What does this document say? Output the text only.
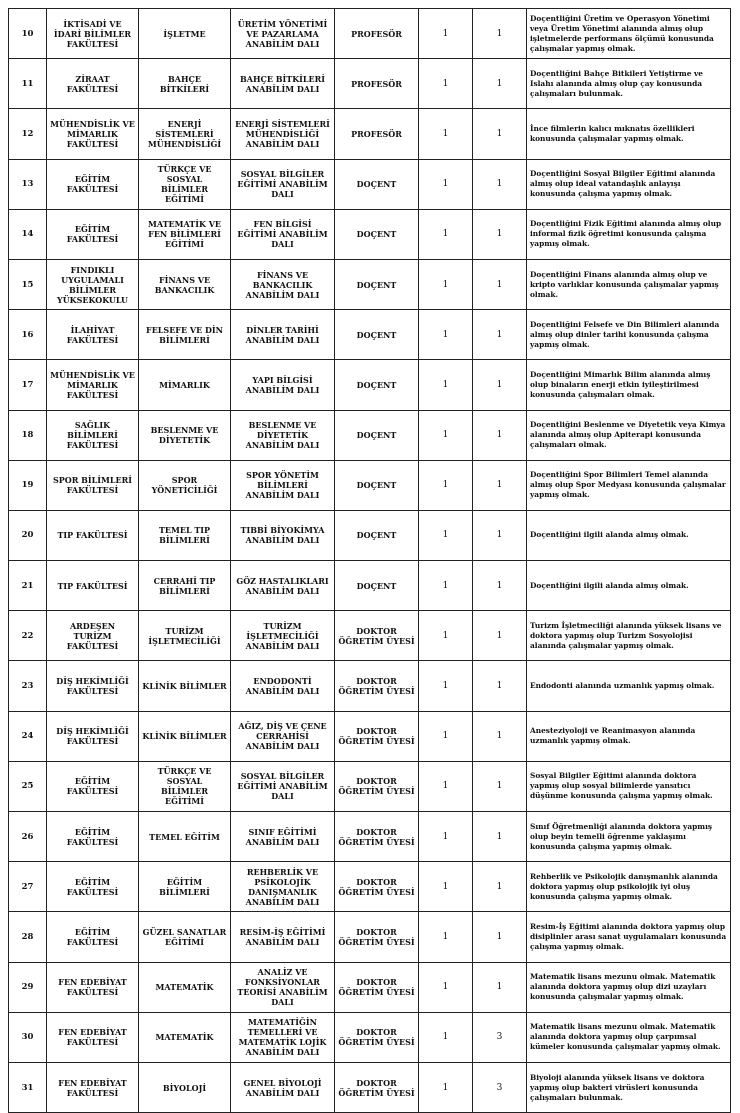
10	İKTİSADİ VE İDARİ BİLİMLER FAKÜLTESİ	İŞLETME	ÜRETİM YÖNETİMİ VE PAZARLAMA ANABİLİM DALI	PROFESÖR	1	1	Doçentliğini Üretim ve Operasyon Yönetimi veya Üretim Yönetimi alanında almış olup işletmelerde performans ölçümü konusunda çalışmalar yapmış olmak.
11	ZİRAAT FAKÜLTESİ	BAHÇE BİTKİLERİ	BAHÇE BİTKİLERİ ANABİLİM DALI	PROFESÖR	1	1	Doçentliğini Bahçe Bitkileri Yetiştirme ve Islahı alanında almış olup çay konusunda çalışmaları bulunmak.
12	MÜHENDİSLİK VE MİMARLIK FAKÜLTESİ	ENERJİ SİSTEMLERİ MÜHENDİSLİĞİ	ENERJİ SİSTEMLERİ MÜHENDİSLİĞİ ANABİLİM DALI	PROFESÖR	1	1	İnce filmlerin kalıcı mıknatıs özellikleri konusunda çalışmalar yapmış olmak.
13	EĞİTİM FAKÜLTESİ	TÜRKÇE VE SOSYAL BİLİMLER EĞİTİMİ	SOSYAL BİLGİLER EĞİTİMİ ANABİLİM DALI	DOÇENT	1	1	Doçentliğini Sosyal Bilgiler Eğitimi alanında almış olup ideal vatandaşlık anlayışı konusunda çalışma yapmış olmak.
14	EĞİTİM FAKÜLTESİ	MATEMATİK VE FEN BİLİMLERİ EĞİTİMİ	FEN BİLGİSİ EĞİTİMİ ANABİLİM DALI	DOÇENT	1	1	Doçentliğini Fizik Eğitimi alanında almış olup informal fizik öğretimi konusunda çalışma yapmış olmak.
15	FINDIKLI UYGULAMALI BİLİMLER YÜKSEKOKULU	FİNANS VE BANKACILIK	FİNANS VE BANKACILIK ANABİLİM DALI	DOÇENT	1	1	Doçentliğini Finans alanında almış olup ve kripto varlıklar konusunda çalışmalar yapmış olmak.
16	İLAHİYAT FAKÜLTESİ	FELSEFE VE DİN BİLİMLERİ	DİNLER TARİHİ ANABİLİM DALI	DOÇENT	1	1	Doçentliğini Felsefe ve Din Bilimleri alanında almış olup dinler tarihi konusunda çalışma yapmış olmak.
17	MÜHENDİSLİK VE MİMARLIK FAKÜLTESİ	MİMARLIK	YAPI BİLGİSİ ANABİLİM DALI	DOÇENT	1	1	Doçentliğini Mimarlık Bilim alanında almış olup binaların enerji etkin iyileştirilmesi konusunda çalışmaları olmak.
18	SAĞLIK BİLİMLERİ FAKÜLTESİ	BESLENME VE DİYETETİK	BESLENME VE DİYETETİK ANABİLİM DALI	DOÇENT	1	1	Doçentliğini Beslenme ve Diyetetik veya Kimya alanında almış olup Apiterapi konusunda çalışmaları olmak.
19	SPOR BİLİMLERİ FAKÜLTESİ	SPOR YÖNETİCİLİĞİ	SPOR YÖNETİM BİLİMLERİ ANABİLİM DALI	DOÇENT	1	1	Doçentliğini Spor Bilimleri Temel alanında almış olup Spor Medyası konusunda çalışmalar yapmış olmak.
20	TIP FAKÜLTESİ	TEMEL TIP BİLİMLERİ	TIBBİ BİYOKİMYA ANABİLİM DALI	DOÇENT	1	1	Doçentliğini ilgili alanda almış olmak.
21	TIP FAKÜLTESİ	CERRAHİ TIP BİLİMLERİ	GÖZ HASTALIKLARI ANABİLİM DALI	DOÇENT	1	1	Doçentliğini ilgili alanda almış olmak.
22	ARDEŞEN TURİZM FAKÜLTESİ	TURİZM İŞLETMECİLİĞİ	TURİZM İŞLETMECİLİĞİ ANABİLİM DALI	DOKTOR ÖĞRETİM ÜYESİ	1	1	Turizm İşletmeciliği alanında yüksek lisans ve doktora yapmış olup Turizm Sosyolojisi alanında çalışmalar yapmış olmak.
23	DİŞ HEKİMLİĞİ FAKÜLTESİ	KLİNİK BİLİMLER	ENDODONTİ ANABİLİM DALI	DOKTOR ÖĞRETİM ÜYESİ	1	1	Endodonti alanında uzmanlık yapmış olmak.
24	DİŞ HEKİMLİĞİ FAKÜLTESİ	KLİNİK BİLİMLER	AĞIZ, DİŞ VE ÇENE CERRAHİSİ ANABİLİM DALI	DOKTOR ÖĞRETİM ÜYESİ	1	1	Anesteziyoloji ve Reanimasyon alanında uzmanlık yapmış olmak.
25	EĞİTİM FAKÜLTESİ	TÜRKÇE VE SOSYAL BİLİMLER EĞİTİMİ	SOSYAL BİLGİLER EĞİTİMİ ANABİLİM DALI	DOKTOR ÖĞRETİM ÜYESİ	1	1	Sosyal Bilgiler Eğitimi alanında doktora yapmış olup sosyal bilimlerde yansıtıcı düşünme konusunda çalışma yapmış olmak.
26	EĞİTİM FAKÜLTESİ	TEMEL EĞİTİM	SINIF EĞİTİMİ ANABİLİM DALI	DOKTOR ÖĞRETİM ÜYESİ	1	1	Sınıf Öğretmenliği alanında doktora yapmış olup beyin temelli öğrenme yaklaşımı konusunda çalışma yapmış olmak.
27	EĞİTİM FAKÜLTESİ	EĞİTİM BİLİMLERİ	REHBERLİK VE PSİKOLOJİK DANIŞMANLIK ANABİLİM DALI	DOKTOR ÖĞRETİM ÜYESİ	1	1	Rehberlik ve Psikolojik danışmanlık alanında doktora yapmış olup psikolojik iyi oluş konusunda çalışma yapmış olmak.
28	EĞİTİM FAKÜLTESİ	GÜZEL SANATLAR EĞİTİMİ	RESİM-İŞ EĞİTİMİ ANABİLİM DALI	DOKTOR ÖĞRETİM ÜYESİ	1	1	Resim-İş Eğitimi alanında doktora yapmış olup disiplinler arası sanat uygulamaları konusunda çalışma yapmış olmak.
29	FEN EDEBİYAT FAKÜLTESİ	MATEMATİK	ANALİZ VE FONKSİYONLAR TEORİSİ ANABİLİM DALI	DOKTOR ÖĞRETİM ÜYESİ	1	1	Matematik lisans mezunu olmak. Matematik alanında doktora yapmış olup dizi uzayları konusunda çalışmalar yapmış olmak.
30	FEN EDEBİYAT FAKÜLTESİ	MATEMATİK	MATEMATİĞİN TEMELLERİ VE MATEMATİK LOJİK ANABİLİM DALI	DOKTOR ÖĞRETİM ÜYESİ	1	3	Matematik lisans mezunu olmak. Matematik alanında doktora yapmış olup çarpımsal kümeler konusunda çalışmalar yapmış olmak.
31	FEN EDEBİYAT FAKÜLTESİ	BİYOLOJİ	GENEL BİYOLOJİ ANABİLİM DALI	DOKTOR ÖĞRETİM ÜYESİ	1	3	Biyoloji alanında yüksek lisans ve doktora yapmış olup bakteri virüsleri konusunda çalışmaları bulunmak.
